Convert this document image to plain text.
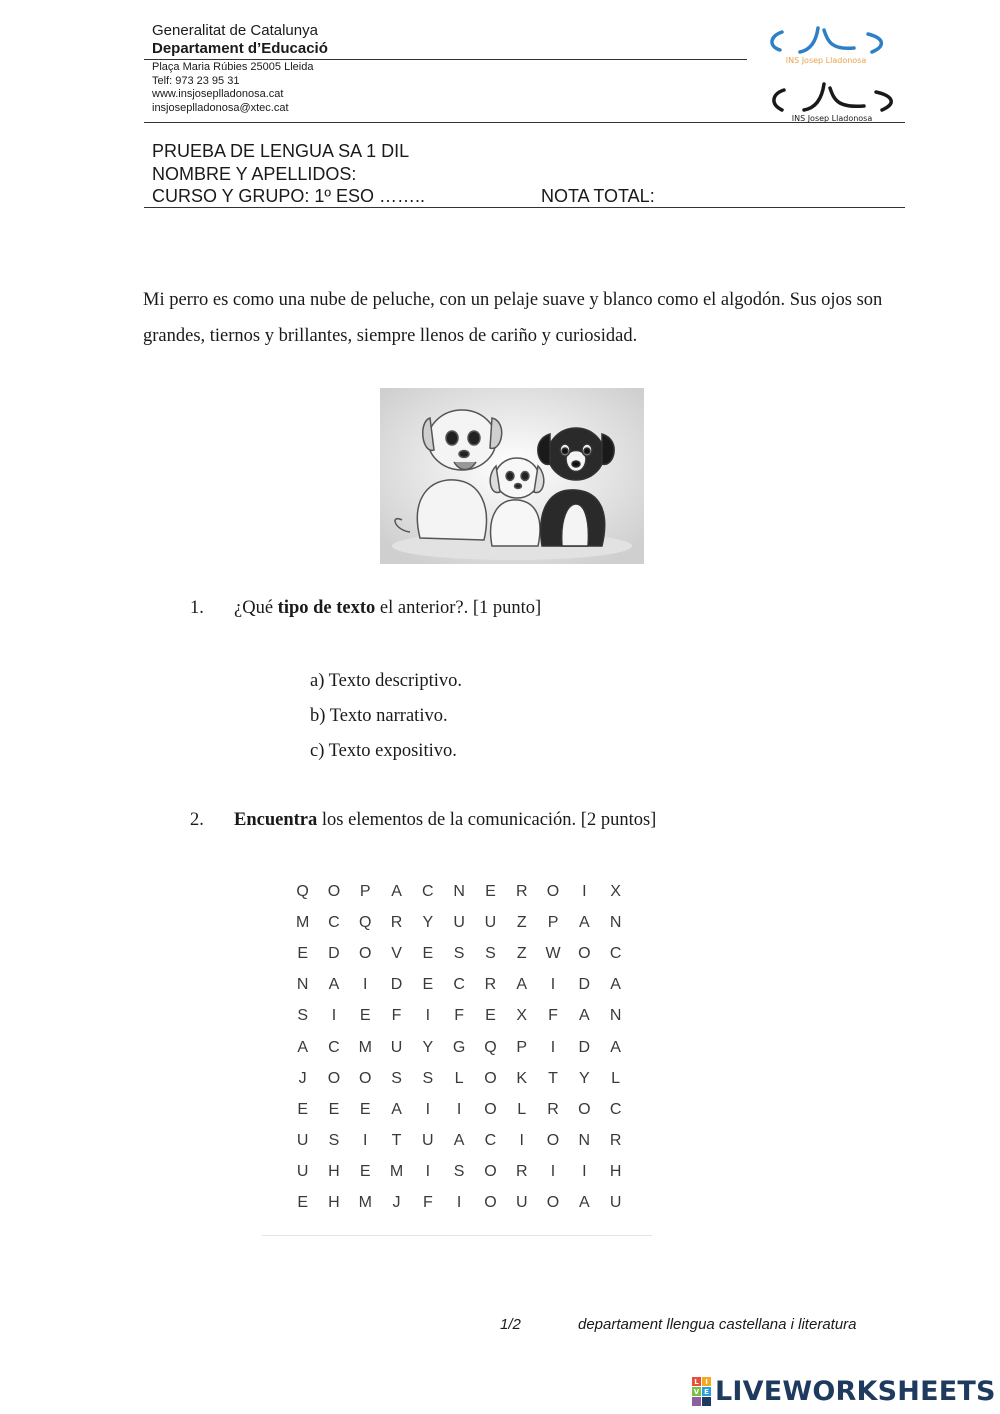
Generalitat de Catalunya
Departament d’Educació
Plaça Maria Rúbies 25005 Lleida
Telf: 973 23 95 31
www.insjoseplladonosa.cat
insjoseplladonosa@xtec.cat
INS Josep Lladonosa
INS Josep Lladonosa
PRUEBA DE LENGUA SA 1 DIL
NOMBRE Y APELLIDOS:
CURSO Y GRUPO: 1º ESO ……..	NOTA TOTAL:
Mi perro es como una nube de peluche, con un pelaje suave y blanco como el algodón. Sus ojos son grandes, tiernos y brillantes, siempre llenos de cariño y curiosidad.
1. ¿Qué tipo de texto el anterior?. [1 punto]
a) Texto descriptivo.
b) Texto narrativo.
c) Texto expositivo.
2. Encuentra los elementos de la comunicación. [2 puntos]
Q	O	P	A	C	N	E	R	O	I	X
M	C	Q	R	Y	U	U	Z	P	A	N
E	D	O	V	E	S	S	Z	W	O	C
N	A	I	D	E	C	R	A	I	D	A
S	I	E	F	I	F	E	X	F	A	N
A	C	M	U	Y	G	Q	P	I	D	A
J	O	O	S	S	L	O	K	T	Y	L
E	E	E	A	I	I	O	L	R	O	C
U	S	I	T	U	A	C	I	O	N	R
U	H	E	M	I	S	O	R	I	I	H
E	H	M	J	F	I	O	U	O	A	U
1/2	departament llengua castellana i literatura
L I
V E LIVEWORKSHEETS
